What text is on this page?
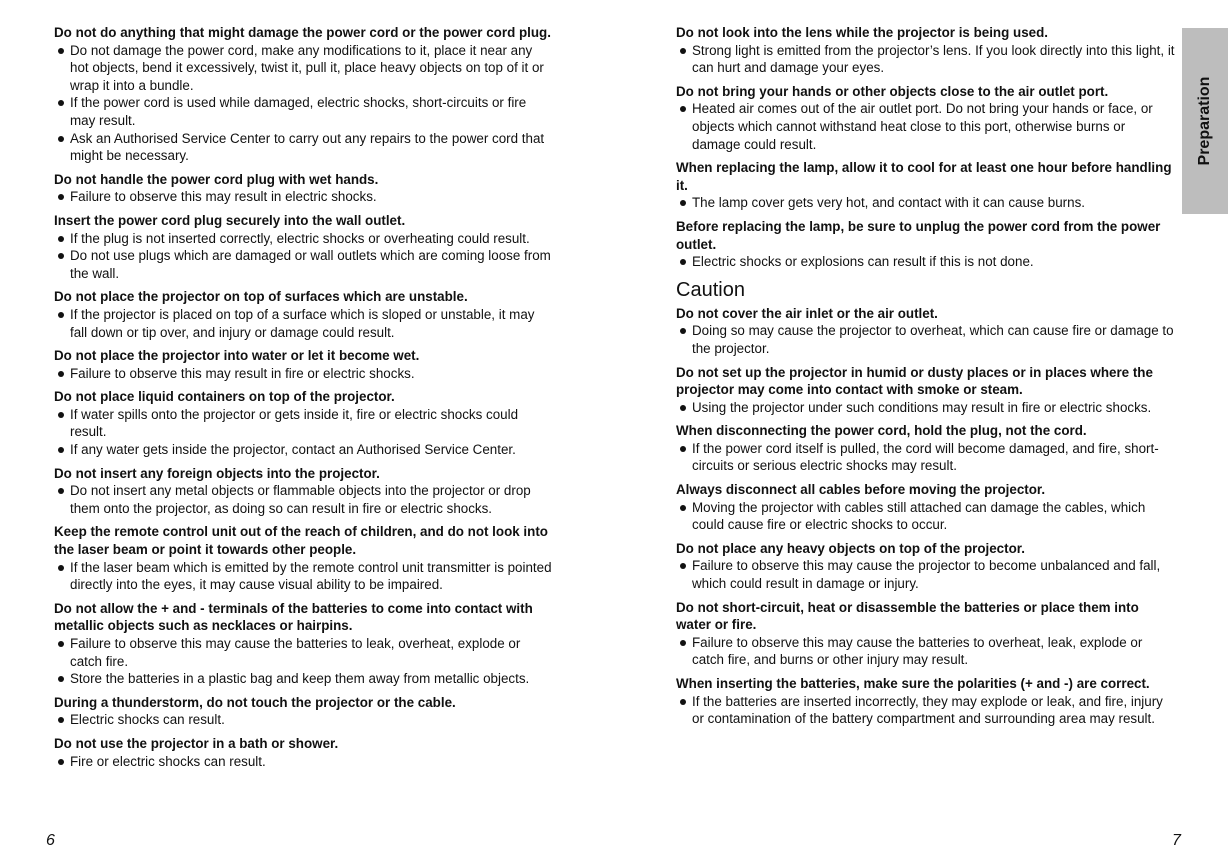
Do not do anything that might damage the power cord or the power cord plug.

Do not damage the power cord, make any modifications to it, place it near any hot objects, bend it excessively, twist it, pull it, place heavy objects on top of it or wrap it into a bundle.
If the power cord is used while damaged, electric shocks, short-circuits or fire may result.
Ask an Authorised Service Center to carry out any repairs to the power cord that might be necessary.

Do not handle the power cord plug with wet hands.

Failure to observe this may result in electric shocks.

Insert the power cord plug securely into the wall outlet.

If the plug is not inserted correctly, electric shocks or overheating could result.
Do not use plugs which are damaged or wall outlets which are coming loose from the wall.

Do not place the projector on top of surfaces which are unstable.

If the projector is placed on top of a surface which is sloped or unstable, it may fall down or tip over, and injury or damage could result.

Do not place the projector into water or let it become wet.

Failure to observe this may result in fire or electric shocks.

Do not place liquid containers on top of the projector.

If water spills onto the projector or gets inside it, fire or electric shocks could result.
If any water gets inside the projector, contact an Authorised Service Center.

Do not insert any foreign objects into the projector.

Do not insert any metal objects or flammable objects into the projector or drop them onto the projector, as doing so can result in fire or electric shocks.

Keep the remote control unit out of the reach of children, and do not look into the laser beam or point it towards other people.

If the laser beam which is emitted by the remote control unit transmitter is pointed directly into the eyes, it may cause visual ability to be impaired.

Do not allow the + and - terminals of the batteries to come into contact with metallic objects such as necklaces or hairpins.

Failure to observe this may cause the batteries to leak, overheat, explode or catch fire.
Store the batteries in a plastic bag and keep them away from metallic objects.

During a thunderstorm, do not touch the projector or the cable.

Electric shocks can result.

Do not use the projector in a bath or shower.

Fire or electric shocks can result.

Do not look into the lens while the projector is being used.

Strong light is emitted from the projector’s lens. If you look directly into this light, it can hurt and damage your eyes.

Do not bring your hands or other objects close to the air outlet port.

Heated air comes out of the air outlet port. Do not bring your hands or face, or objects which cannot withstand heat close to this port, otherwise burns or damage could result.

When replacing the lamp, allow it to cool for at least one hour before handling it.

The lamp cover gets very hot, and contact with it can cause burns.

Before replacing the lamp, be sure to unplug the power cord from the power outlet.

Electric shocks or explosions can result if this is not done.
Caution

Do not cover the air inlet or the air outlet.

Doing so may cause the projector to overheat, which can cause fire or damage to the projector.

Do not set up the projector in humid or dusty places or in places where the projector may come into contact with smoke or steam.

Using the projector under such conditions may result in fire or electric shocks.

When disconnecting the power cord, hold the plug, not the cord.

If the power cord itself is pulled, the cord will become damaged, and fire, short-circuits or serious electric shocks may result.

Always disconnect all cables before moving the projector.

Moving the projector with cables still attached can damage the cables, which could cause fire or electric shocks to occur.

Do not place any heavy objects on top of the projector.

Failure to observe this may cause the projector to become unbalanced and fall, which could result in damage or injury.

Do not short-circuit, heat or disassemble the batteries or place them into water or fire.

Failure to observe this may cause the batteries to overheat, leak, explode or catch fire, and burns or other injury may result.

When inserting the batteries, make sure the polarities (+ and -) are correct.

If the batteries are inserted incorrectly, they may explode or leak, and fire, injury or contamination of the battery compartment and surrounding area may result.
Preparation
6	7
